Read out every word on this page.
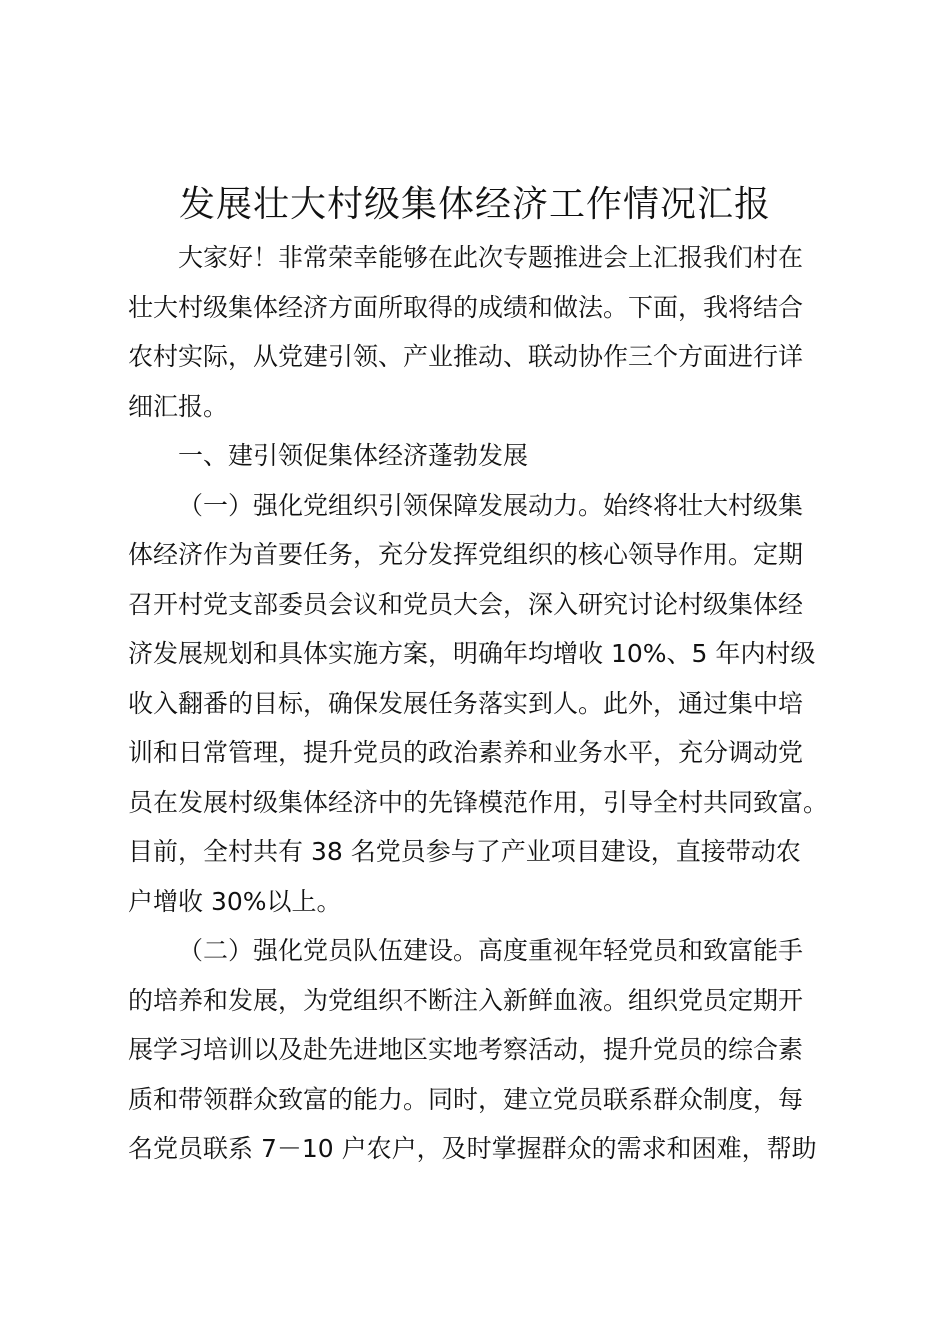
发展壮大村级集体经济工作情况汇报

大家好！非常荣幸能够在此次专题推进会上汇报我们村在
壮大村级集体经济方面所取得的成绩和做法。下面，我将结合
农村实际，从党建引领、产业推动、联动协作三个方面进行详
细汇报。

一、建引领促集体经济蓬勃发展

（一）强化党组织引领保障发展动力。始终将壮大村级集
体经济作为首要任务，充分发挥党组织的核心领导作用。定期
召开村党支部委员会议和党员大会，深入研究讨论村级集体经
济发展规划和具体实施方案，明确年均增收 10%、5 年内村级
收入翻番的目标，确保发展任务落实到人。此外，通过集中培
训和日常管理，提升党员的政治素养和业务水平，充分调动党
员在发展村级集体经济中的先锋模范作用，引导全村共同致富。
目前，全村共有 38 名党员参与了产业项目建设，直接带动农
户增收 30%以上。

（二）强化党员队伍建设。高度重视年轻党员和致富能手
的培养和发展，为党组织不断注入新鲜血液。组织党员定期开
展学习培训以及赴先进地区实地考察活动，提升党员的综合素
质和带领群众致富的能力。同时，建立党员联系群众制度，每
名党员联系 7－10 户农户，及时掌握群众的需求和困难，帮助
